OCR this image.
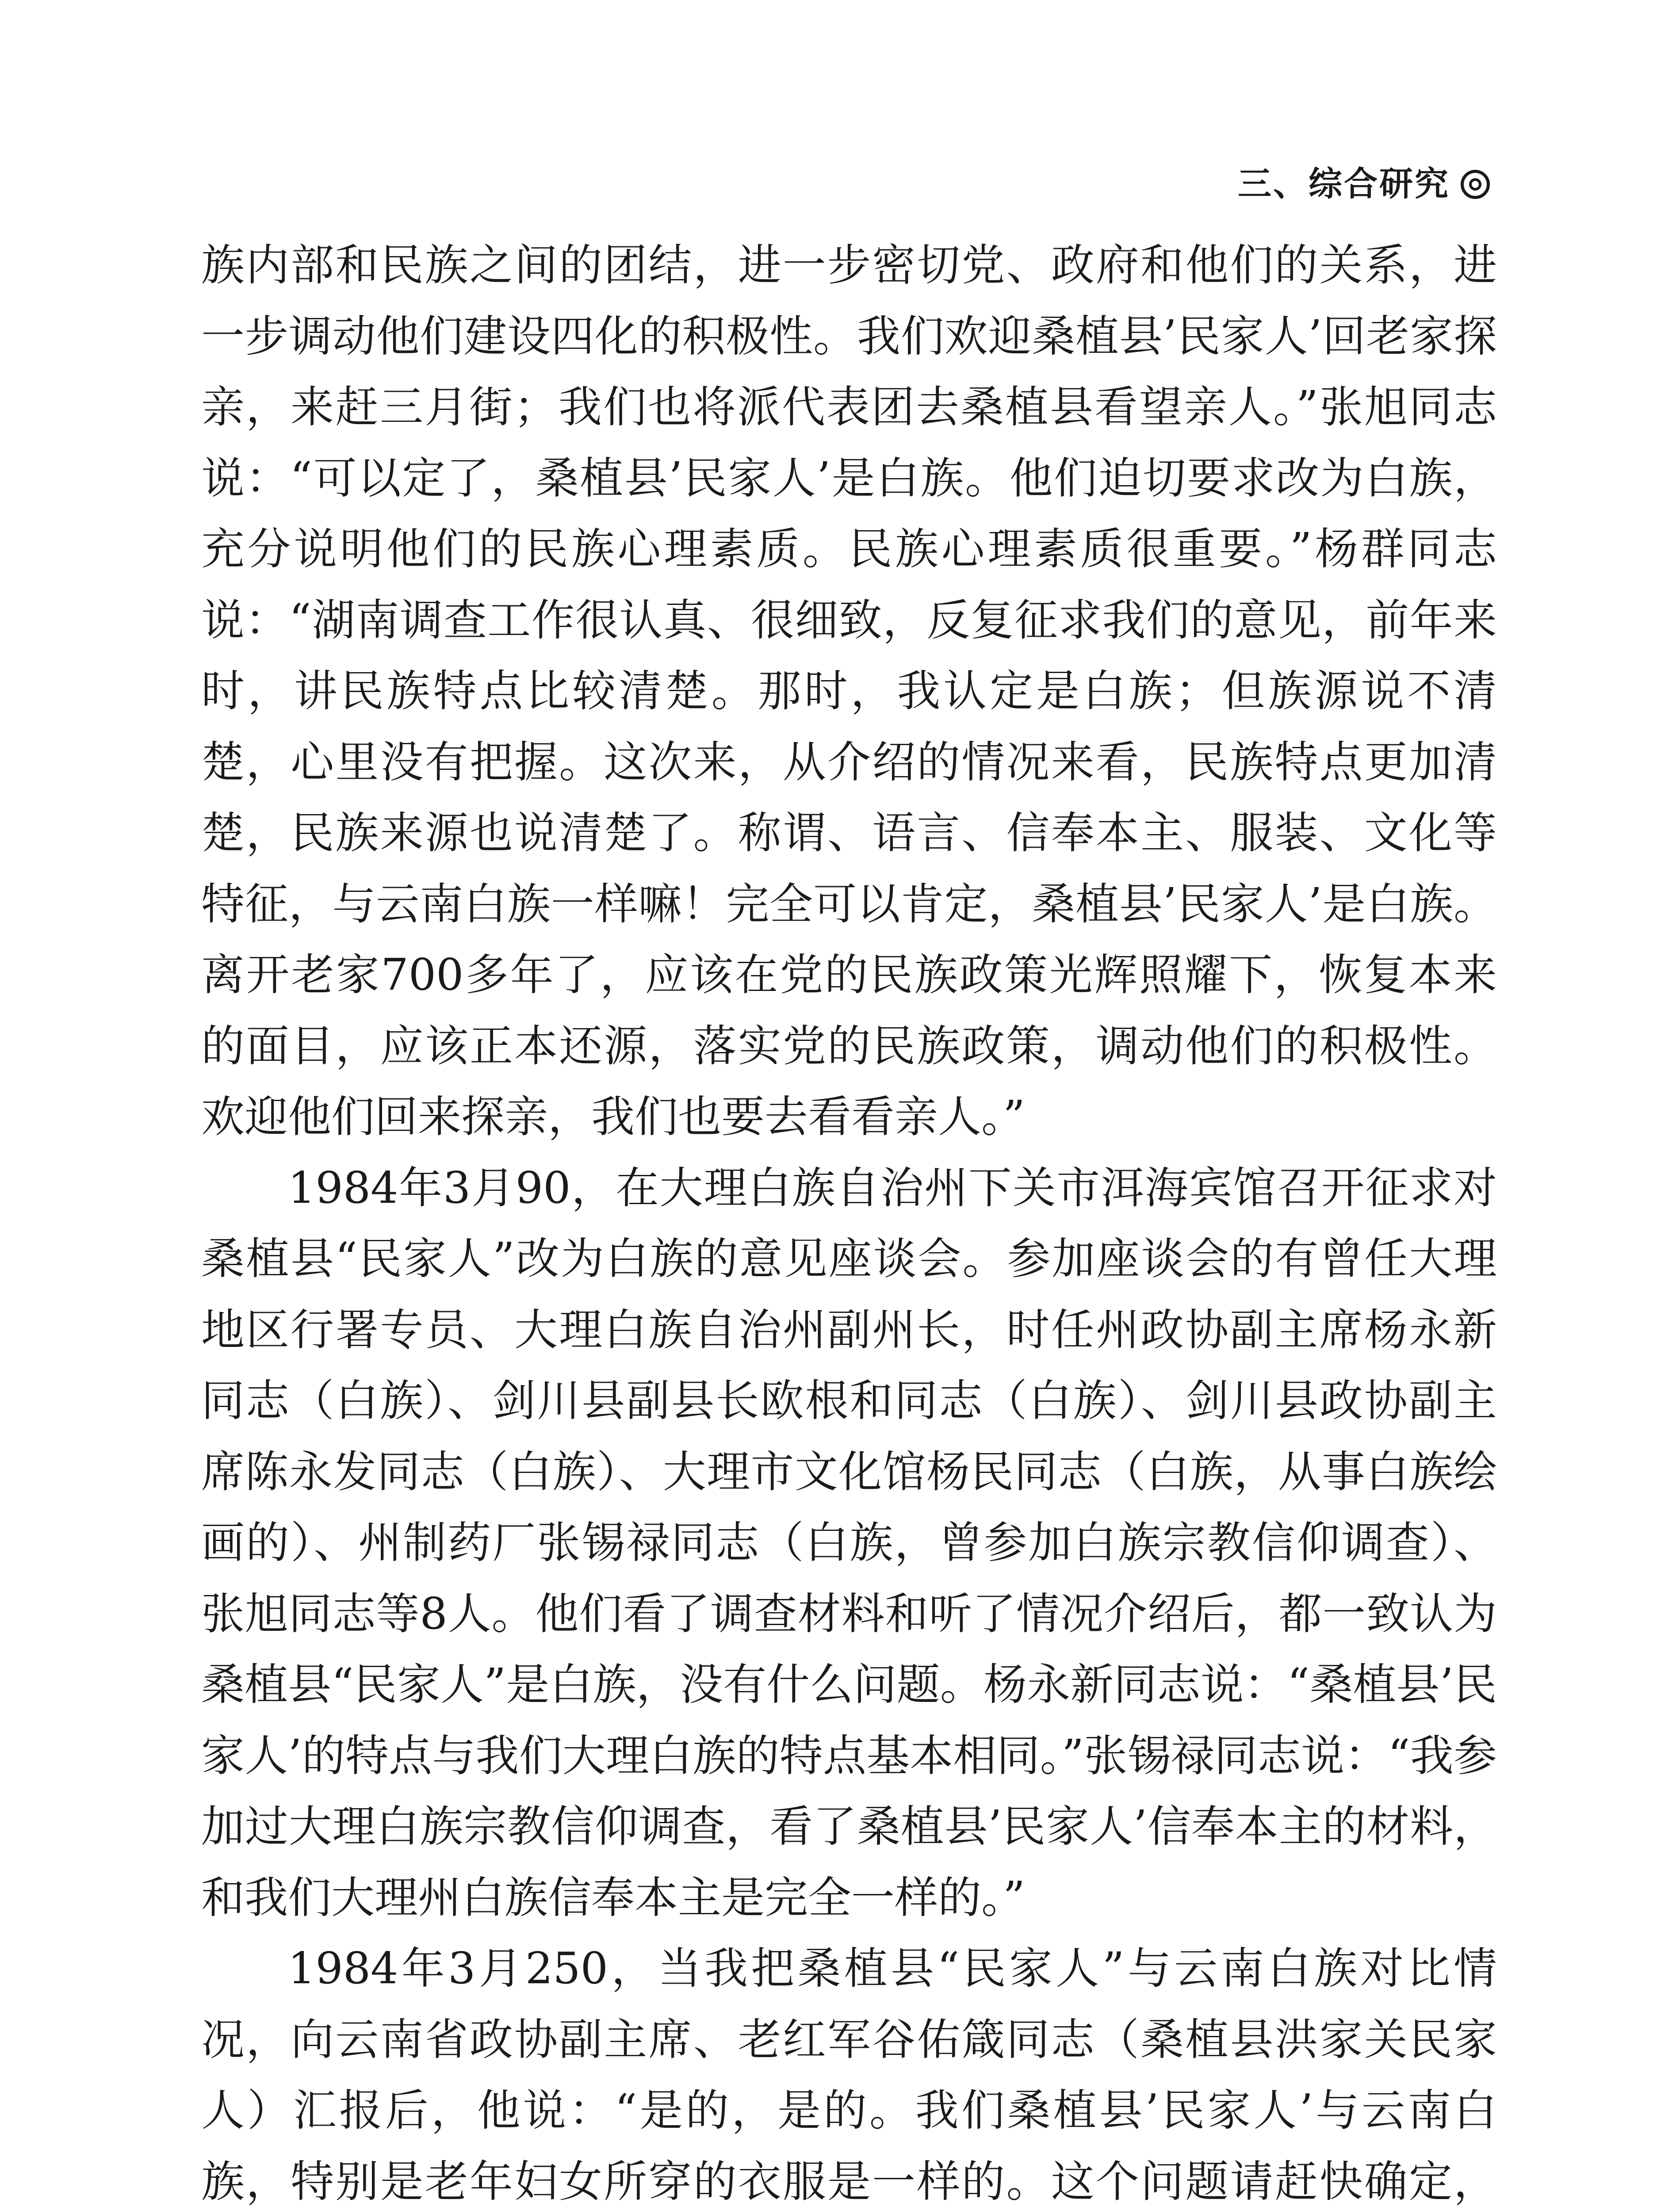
三、综合研究

族内部和民族之间的团结，进一步密切党、政府和他们的关系，进一步调动他们建设四化的积极性。我们欢迎桑植县’民家人’回老家探亲，来赶三月街；我们也将派代表团去桑植县看望亲人。”张旭同志说：“可以定了，桑植县’民家人’是白族。他们迫切要求改为白族，充分说明他们的民族心理素质。民族心理素质很重要。”杨群同志说：“湖南调查工作很认真、很细致，反复征求我们的意见，前年来时，讲民族特点比较清楚。那时，我认定是白族；但族源说不清楚，心里没有把握。这次来，从介绍的情况来看，民族特点更加清楚，民族来源也说清楚了。称谓、语言、信奉本主、服装、文化等特征，与云南白族一样嘛！完全可以肯定，桑植县’民家人’是白族。离开老家700多年了，应该在党的民族政策光辉照耀下，恢复本来的面目，应该正本还源，落实党的民族政策，调动他们的积极性。欢迎他们回来探亲，我们也要去看看亲人。”

1984年3月90，在大理白族自治州下关市洱海宾馆召开征求对桑植县“民家人”改为白族的意见座谈会。参加座谈会的有曾任大理地区行署专员、大理白族自治州副州长，时任州政协副主席杨永新同志（白族）、剑川县副县长欧根和同志（白族）、剑川县政协副主席陈永发同志（白族）、大理市文化馆杨民同志（白族，从事白族绘画的）、州制药厂张锡禄同志（白族，曾参加白族宗教信仰调查）、张旭同志等8人。他们看了调查材料和听了情况介绍后，都一致认为桑植县“民家人”是白族，没有什么问题。杨永新同志说：“桑植县’民家人’的特点与我们大理白族的特点基本相同。”张锡禄同志说：“我参加过大理白族宗教信仰调查，看了桑植县’民家人’信奉本主的材料，和我们大理州白族信奉本主是完全一样的。”

1984年3月250，当我把桑植县“民家人”与云南白族对比情况，向云南省政协副主席、老红军谷佑箴同志（桑植县洪家关民家人）汇报后，他说：“是的，是的。我们桑植县’民家人’与云南白族，特别是老年妇女所穿的衣服是一样的。这个问题请赶快确定，
